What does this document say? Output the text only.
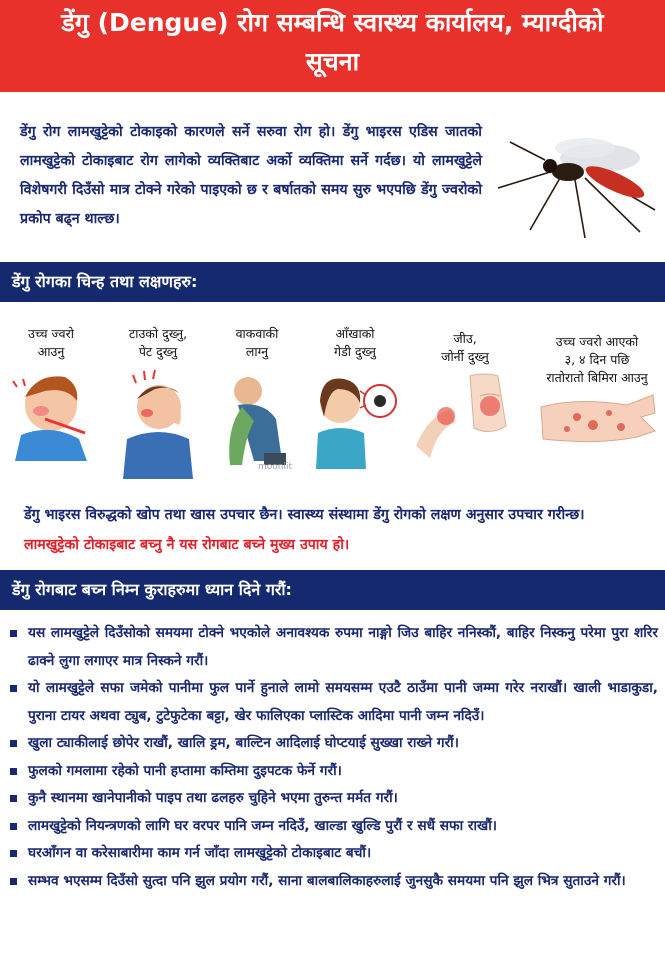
डेंगु (Dengue) रोग सम्बन्धि स्वास्थ्य कार्यालय, म्याग्दीको
सूचना

डेंगु रोग लामखुट्टेको टोकाइको कारणले सर्ने सरुवा रोग हो। डेंगु भाइरस एडिस जातको लामखुट्टेको टोकाइबाट रोग लागेको व्यक्तिबाट अर्को व्यक्तिमा सर्ने गर्दछ। यो लामखुट्टेले विशेषगरी दिउँसो मात्र टोक्ने गरेको पाइएको छ र बर्षातको समय सुरु भएपछि डेंगु ज्वरोको प्रकोप बढ्न थाल्छ।

डेंगु रोगका चिन्ह तथा लक्षणहरु:
उच्च ज्वरो
आउनु
टाउको दुख्नु,
पेट दुख्नु
वाकवाकी
लाग्नु
moonlit
आँखाको
गेडी दुख्नु
जीउ,
जोर्नी दुख्नु
उच्च ज्वरो आएको
३, ४ दिन पछि
रातोरातो बिमिरा आउनु

डेंगु भाइरस विरुद्धको खोप तथा खास उपचार छैन। स्वास्थ्य संस्थामा डेंगु रोगको लक्षण अनुसार उपचार गरीन्छ। लामखुट्टेको टोकाइबाट बच्नु नै यस रोगबाट बच्ने मुख्य उपाय हो।

डेंगु रोगबाट बच्न निम्न कुराहरुमा ध्यान दिने गरौं:
यस लामखुट्टेले दिउँसोको समयमा टोक्ने भएकोले अनावश्यक रुपमा नाङ्गो जिउ बाहिर ननिस्कौं, बाहिर निस्कनु परेमा पुरा शरिर ढाक्ने लुगा लगाएर मात्र निस्कने गरौं।
यो लामखुट्टेले सफा जमेको पानीमा फुल पार्ने हुनाले लामो समयसम्म एउटै ठाउँमा पानी जम्मा गरेर नराखौं। खाली भाडाकुडा, पुराना टायर अथवा ट्युब, टुटेफुटेका बट्टा, खेर फालिएका प्लास्टिक आदिमा पानी जम्न नदिउँ।
खुला ट्याकीलाई छोपेर राखौं, खालि ड्रम, बाल्टिन आदिलाई घोप्टयाई सुख्खा राख्ने गरौं।
फुलको गमलामा रहेको पानी हप्तामा कम्तिमा दुइपटक फेर्ने गरौं।
कुनै स्थानमा खानेपानीको पाइप तथा ढलहरु चुहिने भएमा तुरुन्त मर्मत गरौं।
लामखुट्टेको नियन्त्रणको लागि घर वरपर पानि जम्न नदिउँ, खाल्डा खुल्डि पुरौं र सधैं सफा राखौं।
घरआँगन वा करेसाबारीमा काम गर्न जाँदा लामखुट्टेको टोकाइबाट बचौं।
सम्भव भएसम्म दिउँसो सुत्दा पनि झुल प्रयोग गरौं, साना बालबालिकाहरुलाई जुनसुकै समयमा पनि झुल भित्र सुताउने गरौं।
